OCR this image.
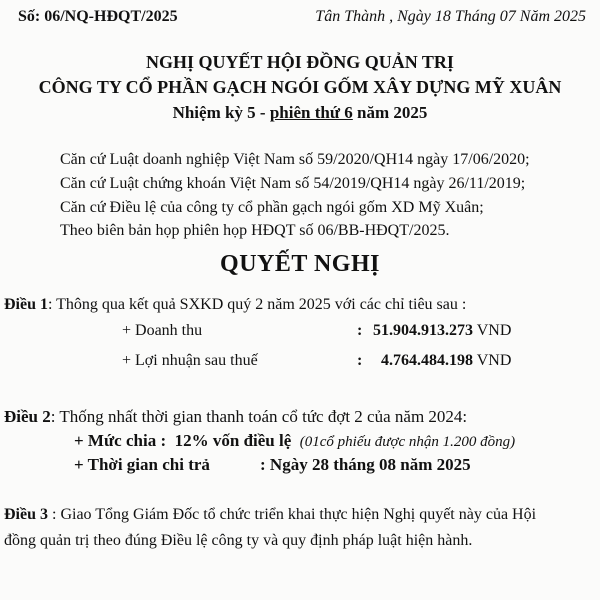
Số: 06/NQ-HĐQT/2025	Tân Thành , Ngày 18 Tháng 07 Năm 2025
NGHỊ QUYẾT HỘI ĐỒNG QUẢN TRỊ
CÔNG TY CỔ PHẦN GẠCH NGÓI GỐM XÂY DỰNG MỸ XUÂN
Nhiệm kỳ 5 - phiên thứ 6 năm 2025
Căn cứ Luật doanh nghiệp Việt Nam số 59/2020/QH14 ngày 17/06/2020;
Căn cứ Luật chứng khoán Việt Nam số 54/2019/QH14 ngày 26/11/2019;
Căn cứ Điều lệ của công ty cổ phần gạch ngói gốm XD Mỹ Xuân;
Theo biên bản họp phiên họp HĐQT số 06/BB-HĐQT/2025.
QUYẾT NGHỊ
Điều 1: Thông qua kết quả SXKD quý 2 năm 2025 với các chỉ tiêu sau :
+ Doanh thu	: 51.904.913.273 VND
+ Lợi nhuận sau thuế	: 4.764.484.198 VND
Điều 2: Thống nhất thời gian thanh toán cổ tức đợt 2 của năm 2024:
+ Mức chia : 12% vốn điều lệ (01cổ phiếu được nhận 1.200 đồng)
+ Thời gian chi trả	: Ngày 28 tháng 08 năm 2025
Điều 3 : Giao Tổng Giám Đốc tổ chức triển khai thực hiện Nghị quyết này của Hội
đồng quản trị theo đúng Điều lệ công ty và quy định pháp luật hiện hành.
